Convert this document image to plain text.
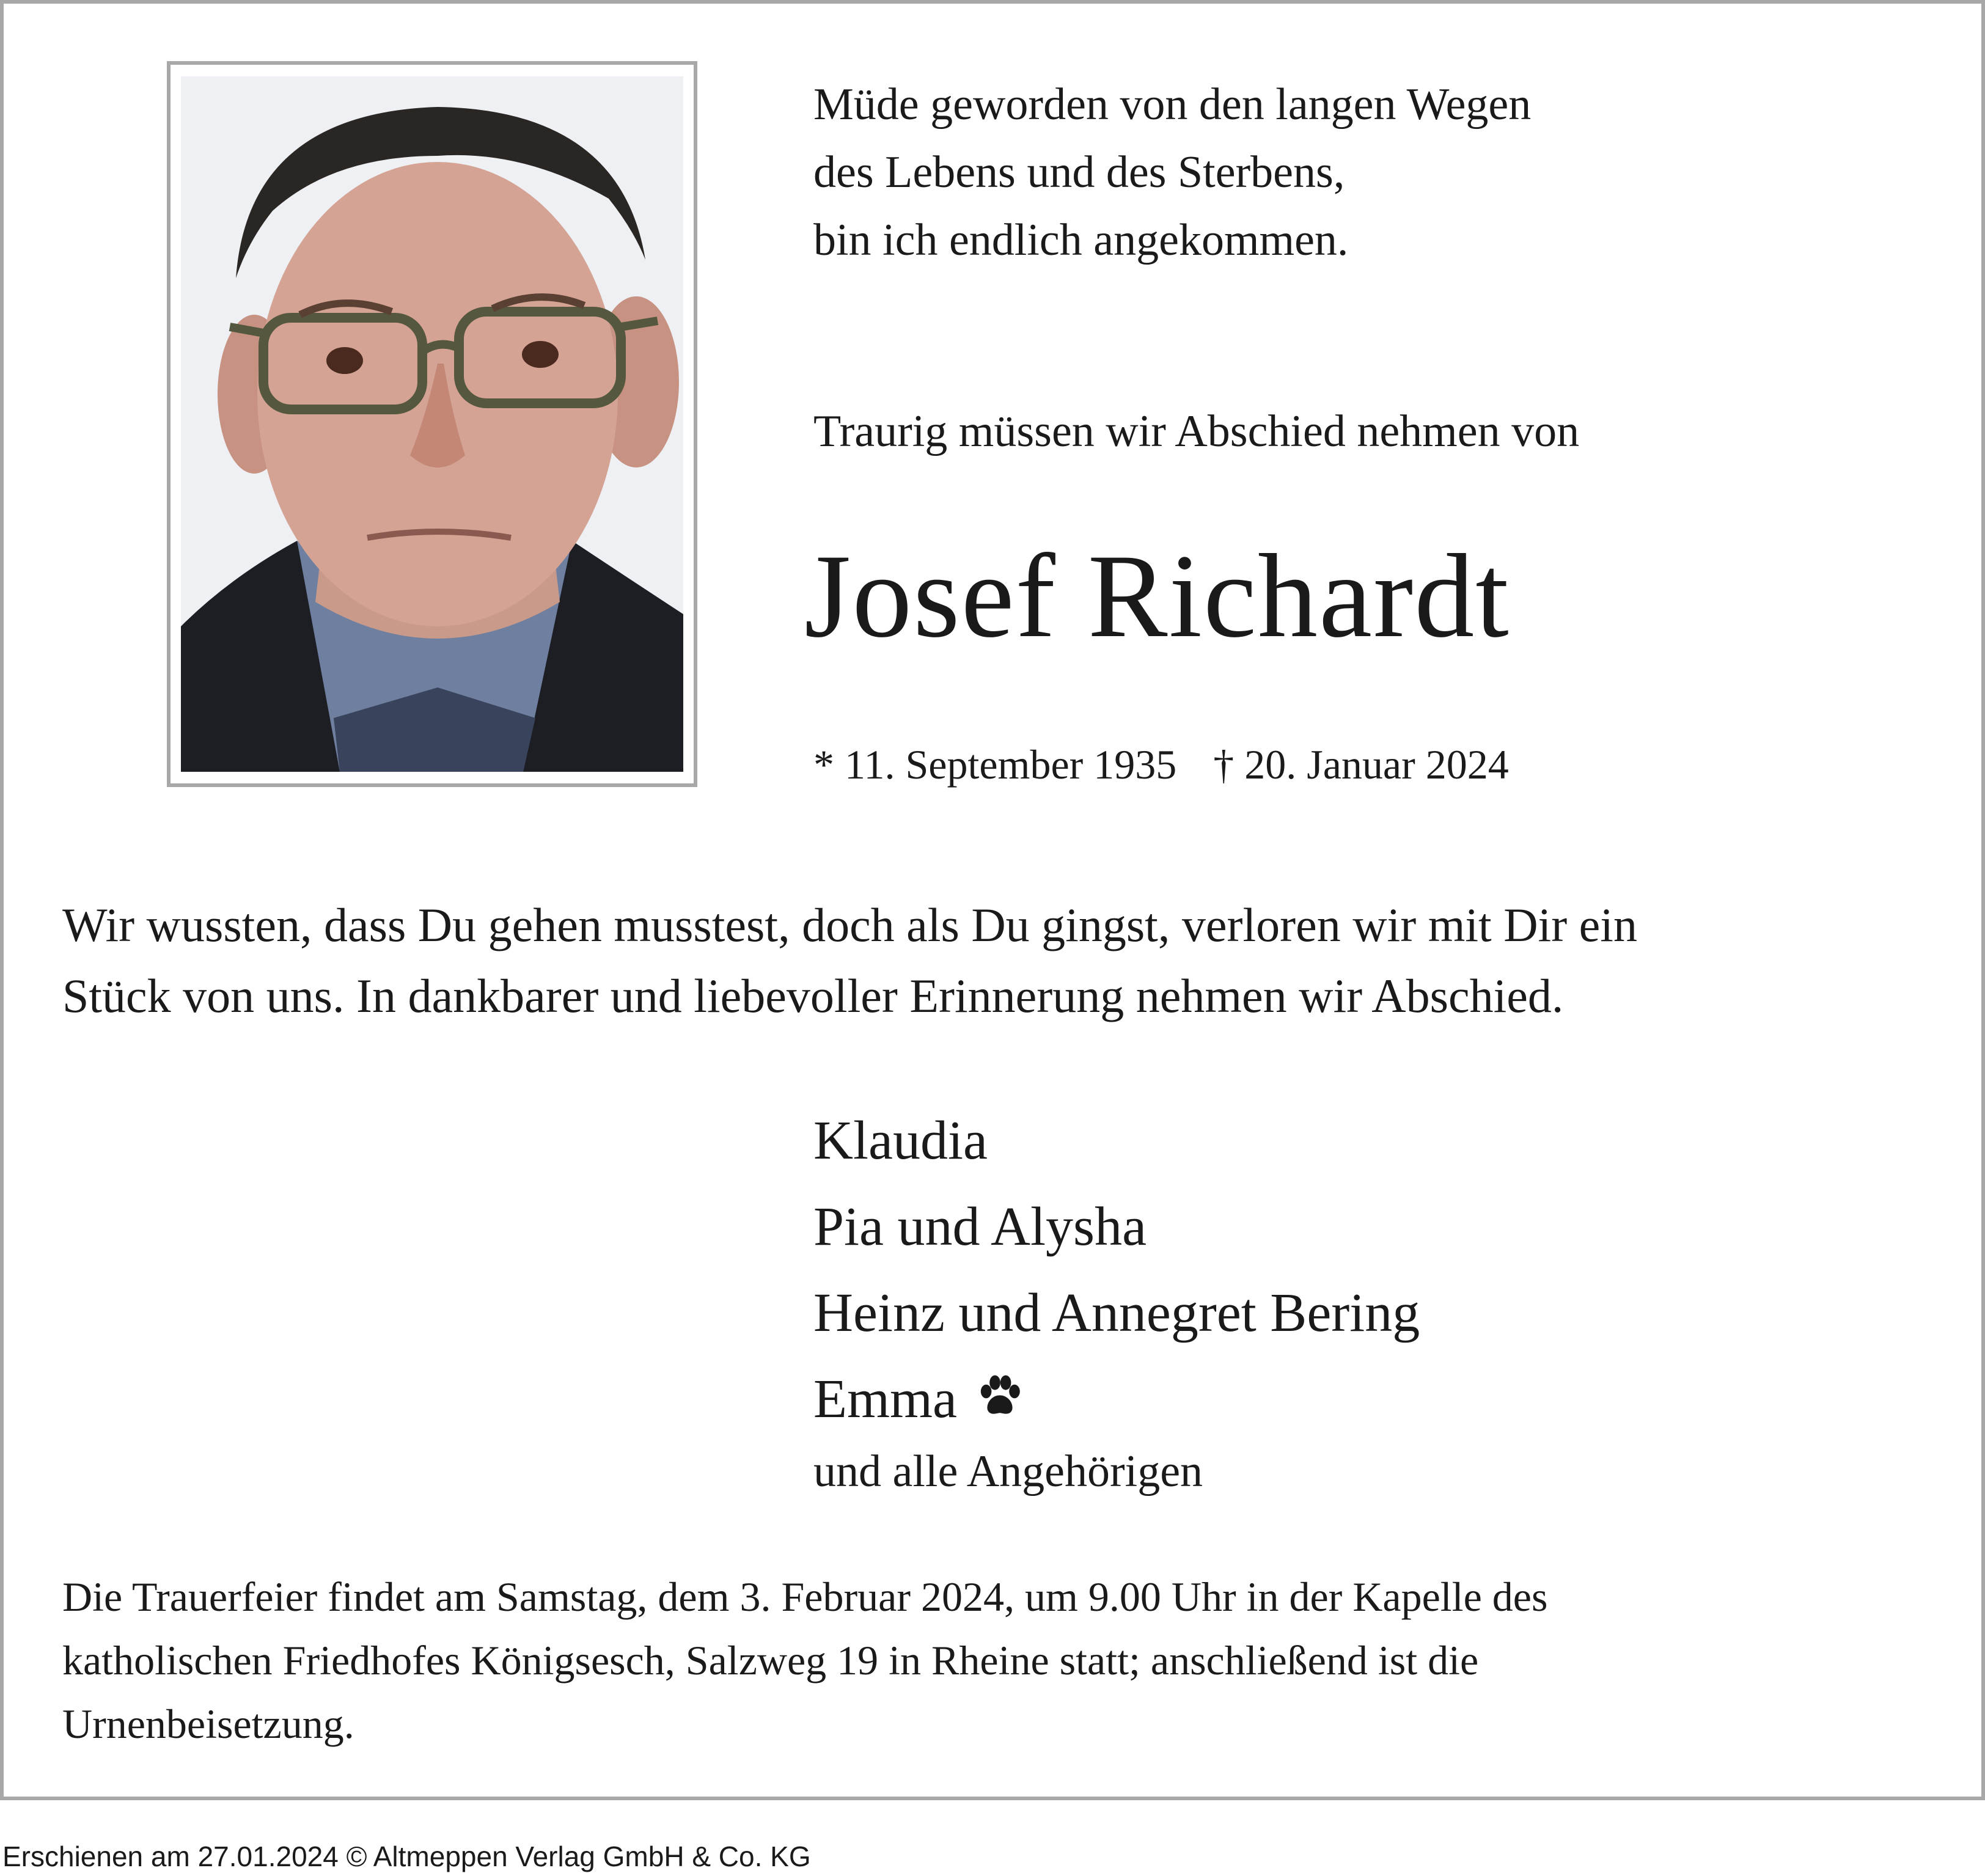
Müde geworden von den langen Wegen
des Lebens und des Sterbens,
bin ich endlich angekommen.
Traurig müssen wir Abschied nehmen von
Josef Richardt
* 11. September 1935 † 20. Januar 2024
Wir wussten, dass Du gehen musstest, doch als Du gingst, verloren wir mit Dir ein
Stück von uns. In dankbarer und liebevoller Erinnerung nehmen wir Abschied.
Klaudia
Pia und Alysha
Heinz und Annegret Bering
Emma
und alle Angehörigen
Die Trauerfeier findet am Samstag, dem 3. Februar 2024, um 9.00 Uhr in der Kapelle des
katholischen Friedhofes Königsesch, Salzweg 19 in Rheine statt; anschließend ist die
Urnenbeisetzung.
Erschienen am 27.01.2024 © Altmeppen Verlag GmbH & Co. KG
